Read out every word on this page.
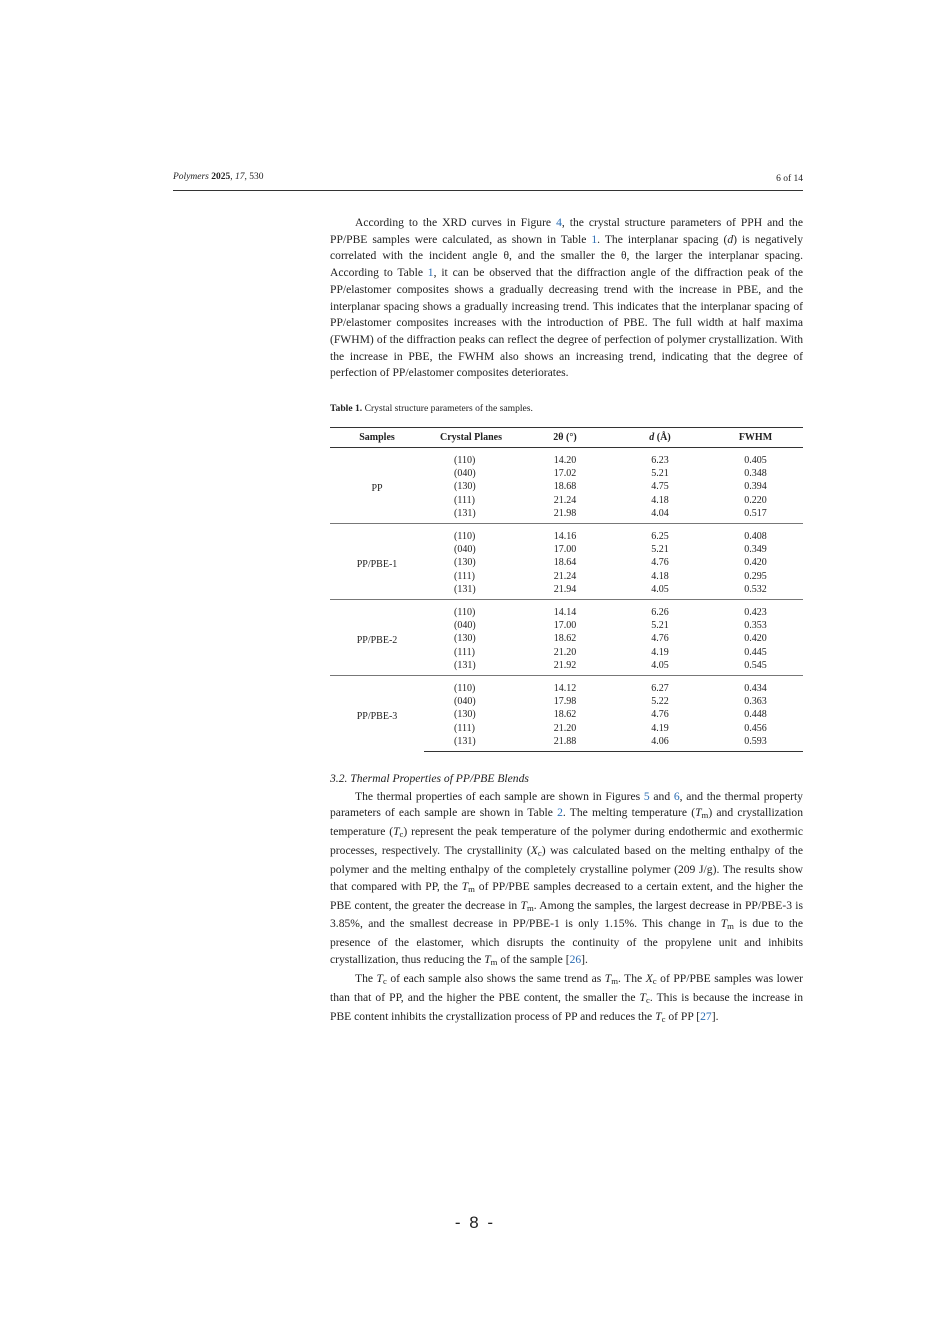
Polymers 2025, 17, 530	6 of 14

According to the XRD curves in Figure 4, the crystal structure parameters of PPH and the PP/PBE samples were calculated, as shown in Table 1. The interplanar spacing (d) is negatively correlated with the incident angle θ, and the smaller the θ, the larger the interplanar spacing. According to Table 1, it can be observed that the diffraction angle of the diffraction peak of the PP/elastomer composites shows a gradually decreasing trend with the increase in PBE, and the interplanar spacing shows a gradually increasing trend. This indicates that the interplanar spacing of PP/elastomer composites increases with the introduction of PBE. The full width at half maxima (FWHM) of the diffraction peaks can reflect the degree of perfection of polymer crystallization. With the increase in PBE, the FWHM also shows an increasing trend, indicating that the degree of perfection of PP/elastomer composites deteriorates.

Table 1. Crystal structure parameters of the samples.
Samples	Crystal Planes	2θ (°)	d (Å)	FWHM
PP	(110)	14.20	6.23	0.405
	(040)	17.02	5.21	0.348
	(130)	18.68	4.75	0.394
	(111)	21.24	4.18	0.220
	(131)	21.98	4.04	0.517
PP/PBE-1	(110)	14.16	6.25	0.408
	(040)	17.00	5.21	0.349
	(130)	18.64	4.76	0.420
	(111)	21.24	4.18	0.295
	(131)	21.94	4.05	0.532
PP/PBE-2	(110)	14.14	6.26	0.423
	(040)	17.00	5.21	0.353
	(130)	18.62	4.76	0.420
	(111)	21.20	4.19	0.445
	(131)	21.92	4.05	0.545
PP/PBE-3	(110)	14.12	6.27	0.434
	(040)	17.98	5.22	0.363
	(130)	18.62	4.76	0.448
	(111)	21.20	4.19	0.456
	(131)	21.88	4.06	0.593
3.2. Thermal Properties of PP/PBE Blends

The thermal properties of each sample are shown in Figures 5 and 6, and the thermal property parameters of each sample are shown in Table 2. The melting temperature $(T_m)$ and crystallization temperature $(T_c)$ represent the peak temperature of the polymer during endothermic and exothermic processes, respectively. The crystallinity $(X_c)$ was calculated based on the melting enthalpy of the polymer and the melting enthalpy of the completely crystalline polymer (209 J/g). The results show that compared with PP, the $T_m$ of PP/PBE samples decreased to a certain extent, and the higher the PBE content, the greater the decrease in $T_m$. Among the samples, the largest decrease in PP/PBE-3 is 3.85%, and the smallest decrease in PP/PBE-1 is only 1.15%. This change in $T_m$ is due to the presence of the elastomer, which disrupts the continuity of the propylene unit and inhibits crystallization, thus reducing the $T_m$ of the sample [26].

The $T_c$ of each sample also shows the same trend as $T_m$. The $X_c$ of PP/PBE samples was lower than that of PP, and the higher the PBE content, the smaller the $T_c$. This is because the increase in PBE content inhibits the crystallization process of PP and reduces the $T_c$ of PP [27].

- 8 -
